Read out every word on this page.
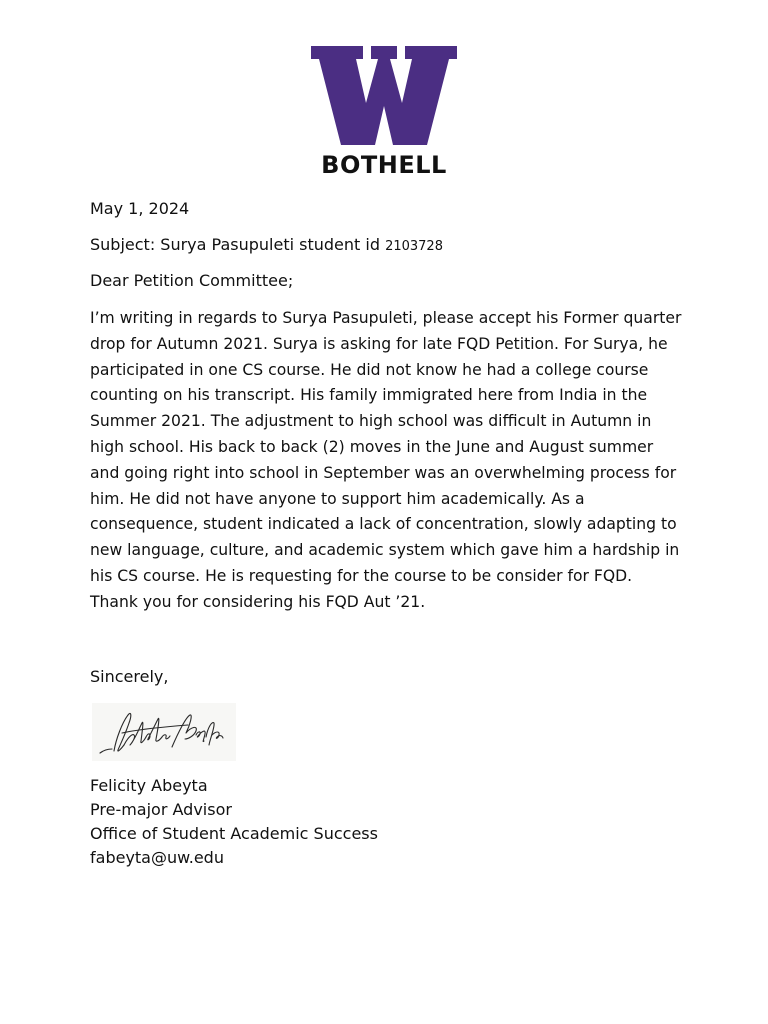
BOTHELL
May 1, 2024
Subject: Surya Pasupuleti student id 2103728
Dear Petition Committee;
I’m writing in regards to Surya Pasupuleti, please accept his Former quarter
drop for Autumn 2021. Surya is asking for late FQD Petition. For Surya, he
participated in one CS course. He did not know he had a college course
counting on his transcript. His family immigrated here from India in the
Summer 2021. The adjustment to high school was difficult in Autumn in
high school. His back to back (2) moves in the June and August summer
and going right into school in September was an overwhelming process for
him. He did not have anyone to support him academically. As a
consequence, student indicated a lack of concentration, slowly adapting to
new language, culture, and academic system which gave him a hardship in
his CS course. He is requesting for the course to be consider for FQD.
Thank you for considering his FQD Aut ’21.
Sincerely,
Felicity Abeyta
Pre-major Advisor
Office of Student Academic Success
fabeyta@uw.edu
